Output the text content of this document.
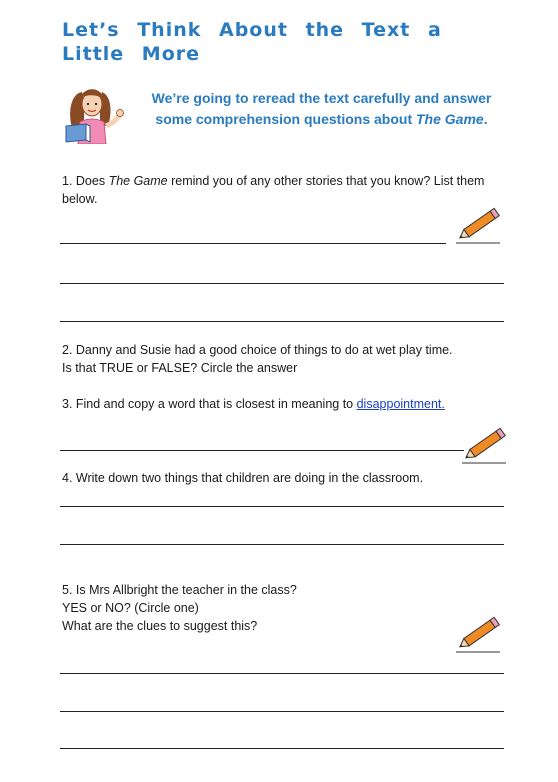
Let’s Think About the Text a Little More
We’re going to reread the text carefully and answer
some comprehension questions about The Game.
1. Does The Game remind you of any other stories that you know? List them below.
2. Danny and Susie had a good choice of things to do at wet play time.
Is that TRUE or FALSE? Circle the answer
3. Find and copy a word that is closest in meaning to disappointment.
4. Write down two things that children are doing in the classroom.
5. Is Mrs Allbright the teacher in the class?
YES or NO? (Circle one)
What are the clues to suggest this?
